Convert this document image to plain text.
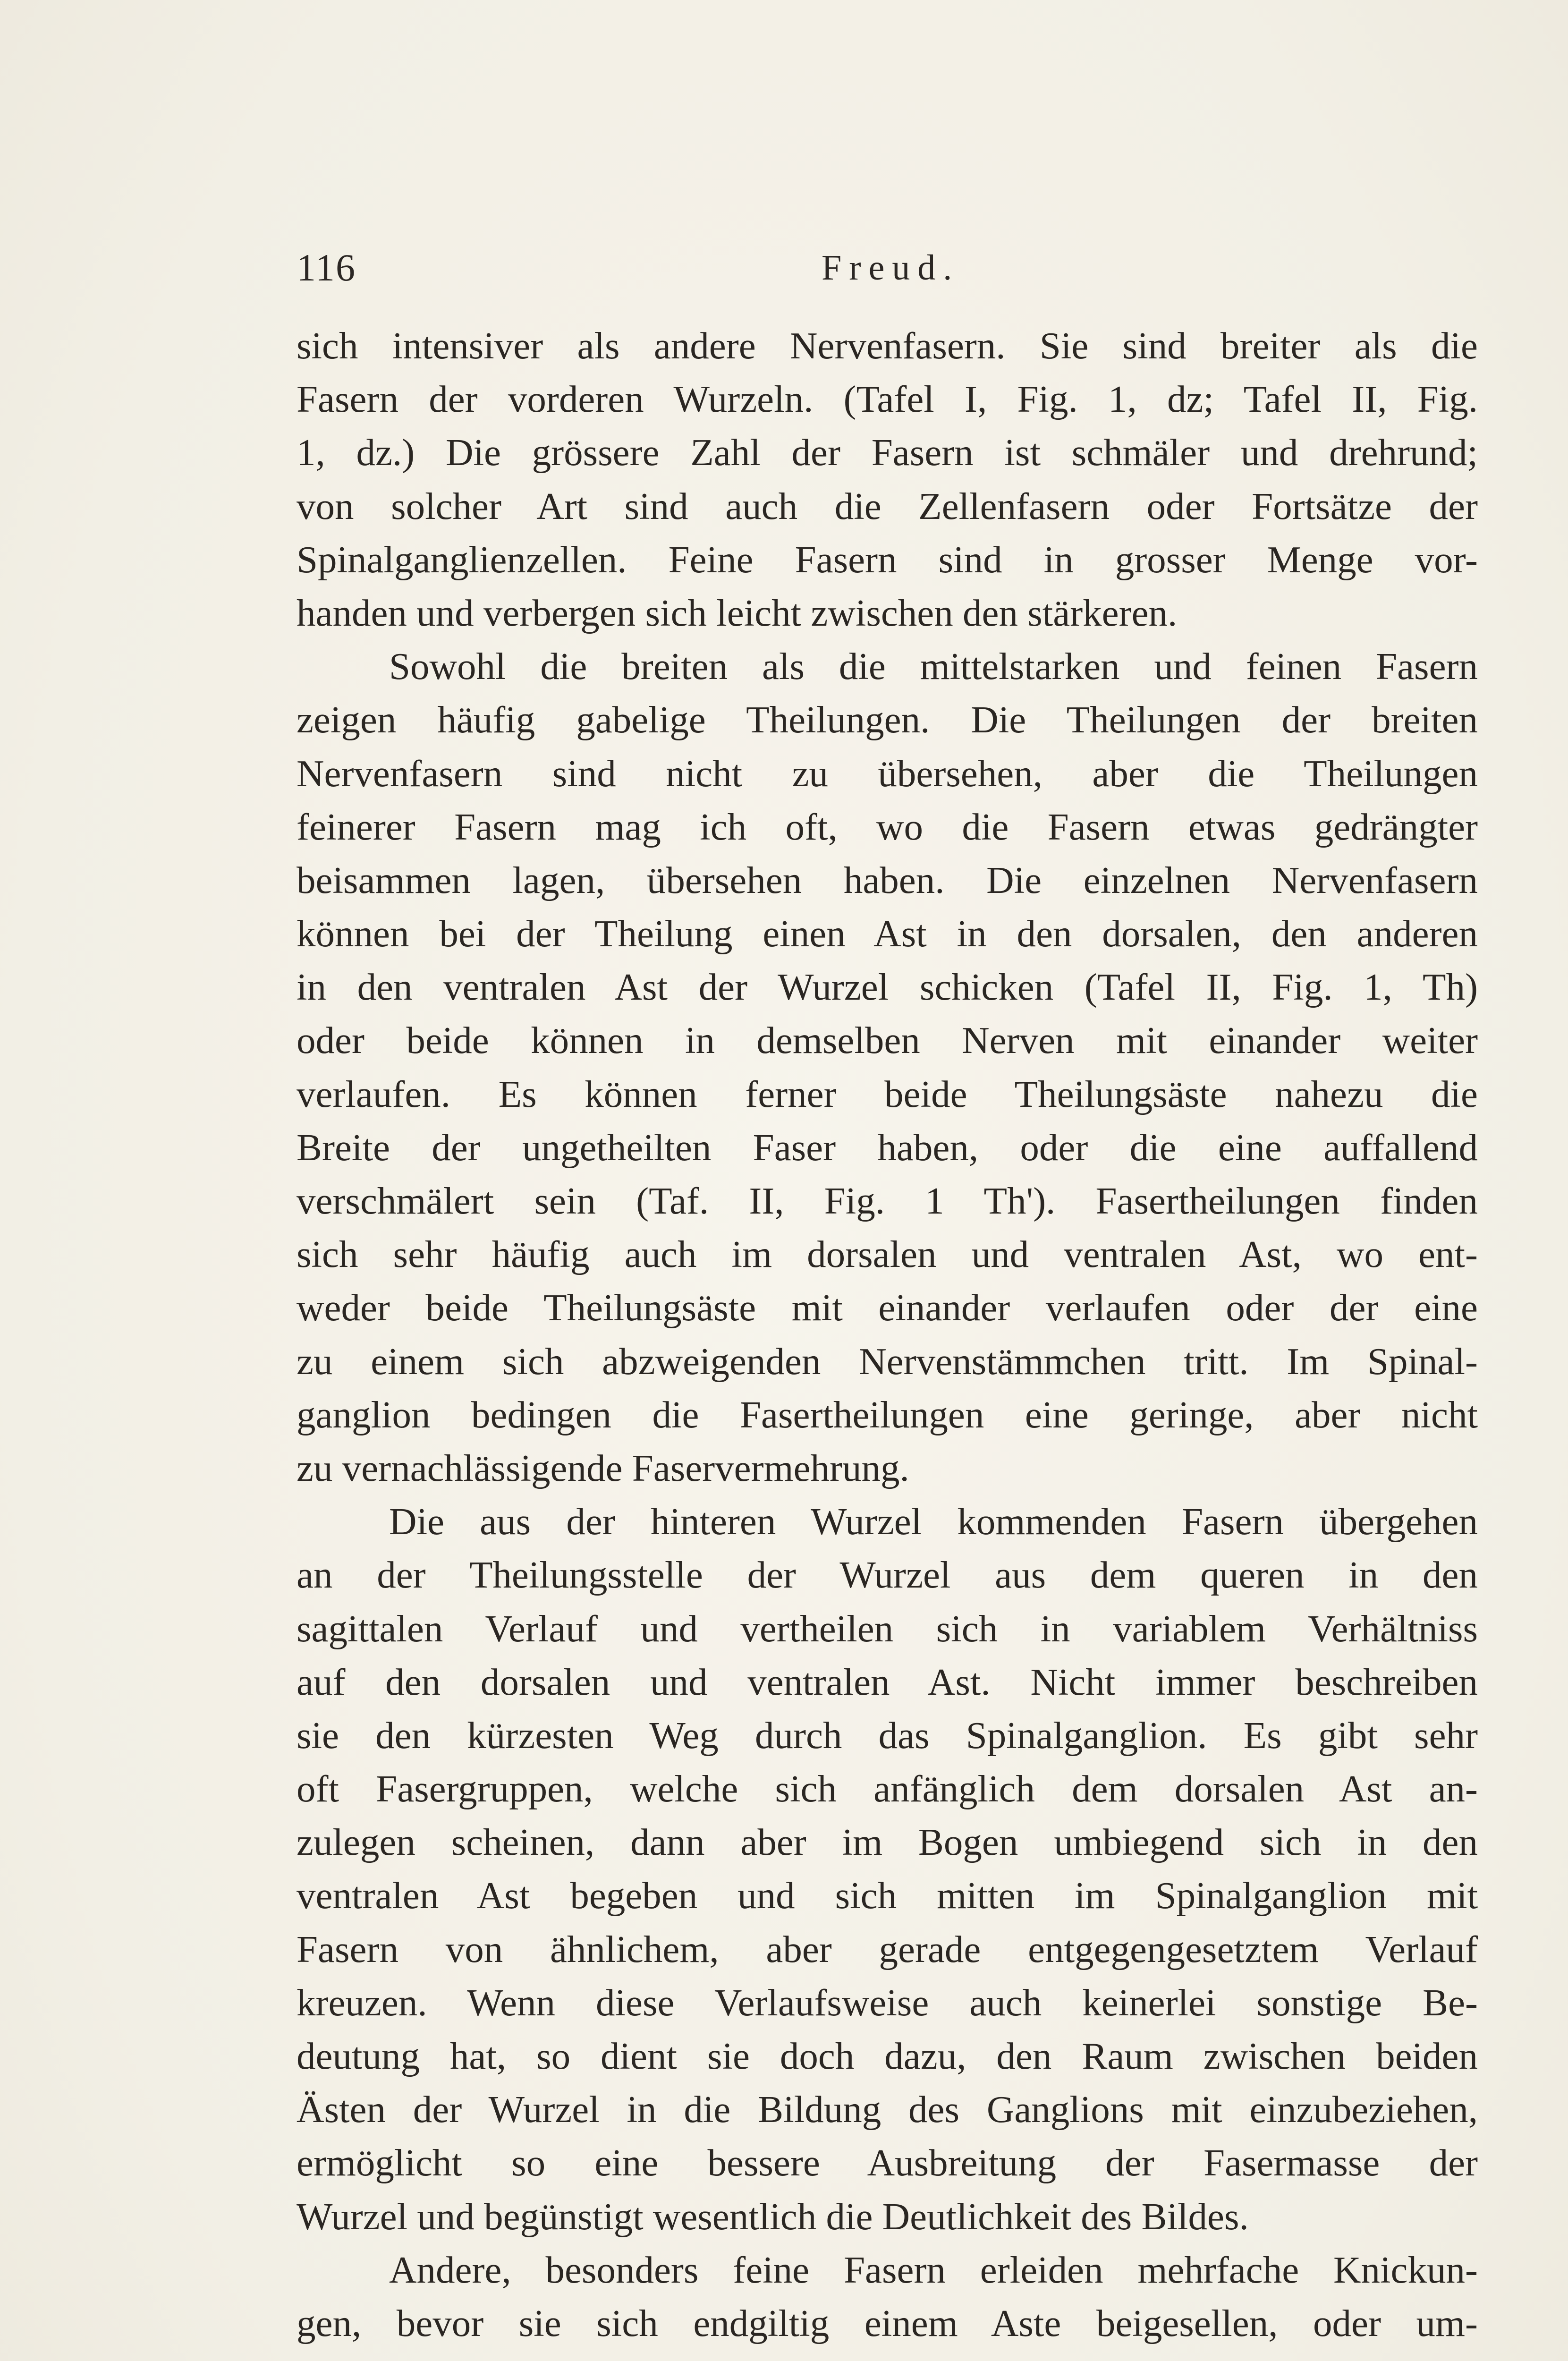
116	Freud.
sich intensiver als andere Nervenfasern. Sie sind breiter als die
Fasern der vorderen Wurzeln. (Tafel I, Fig. 1, dz; Tafel II, Fig.
1, dz.) Die grössere Zahl der Fasern ist schmäler und drehrund;
von solcher Art sind auch die Zellenfasern oder Fortsätze der
Spinalganglienzellen. Feine Fasern sind in grosser Menge vor-
handen und verbergen sich leicht zwischen den stärkeren.
Sowohl die breiten als die mittelstarken und feinen Fasern
zeigen häufig gabelige Theilungen. Die Theilungen der breiten
Nervenfasern sind nicht zu übersehen, aber die Theilungen
feinerer Fasern mag ich oft, wo die Fasern etwas gedrängter
beisammen lagen, übersehen haben. Die einzelnen Nervenfasern
können bei der Theilung einen Ast in den dorsalen, den anderen
in den ventralen Ast der Wurzel schicken (Tafel II, Fig. 1, Th)
oder beide können in demselben Nerven mit einander weiter
verlaufen. Es können ferner beide Theilungsäste nahezu die
Breite der ungetheilten Faser haben, oder die eine auffallend
verschmälert sein (Taf. II, Fig. 1 Th'). Fasertheilungen finden
sich sehr häufig auch im dorsalen und ventralen Ast, wo ent-
weder beide Theilungsäste mit einander verlaufen oder der eine
zu einem sich abzweigenden Nervenstämmchen tritt. Im Spinal-
ganglion bedingen die Fasertheilungen eine geringe, aber nicht
zu vernachlässigende Faservermehrung.
Die aus der hinteren Wurzel kommenden Fasern übergehen
an der Theilungsstelle der Wurzel aus dem queren in den
sagittalen Verlauf und vertheilen sich in variablem Verhältniss
auf den dorsalen und ventralen Ast. Nicht immer beschreiben
sie den kürzesten Weg durch das Spinalganglion. Es gibt sehr
oft Fasergruppen, welche sich anfänglich dem dorsalen Ast an-
zulegen scheinen, dann aber im Bogen umbiegend sich in den
ventralen Ast begeben und sich mitten im Spinalganglion mit
Fasern von ähnlichem, aber gerade entgegengesetztem Verlauf
kreuzen. Wenn diese Verlaufsweise auch keinerlei sonstige Be-
deutung hat, so dient sie doch dazu, den Raum zwischen beiden
Ästen der Wurzel in die Bildung des Ganglions mit einzubeziehen,
ermöglicht so eine bessere Ausbreitung der Fasermasse der
Wurzel und begünstigt wesentlich die Deutlichkeit des Bildes.
Andere, besonders feine Fasern erleiden mehrfache Knickun-
gen, bevor sie sich endgiltig einem Aste beigesellen, oder um-
